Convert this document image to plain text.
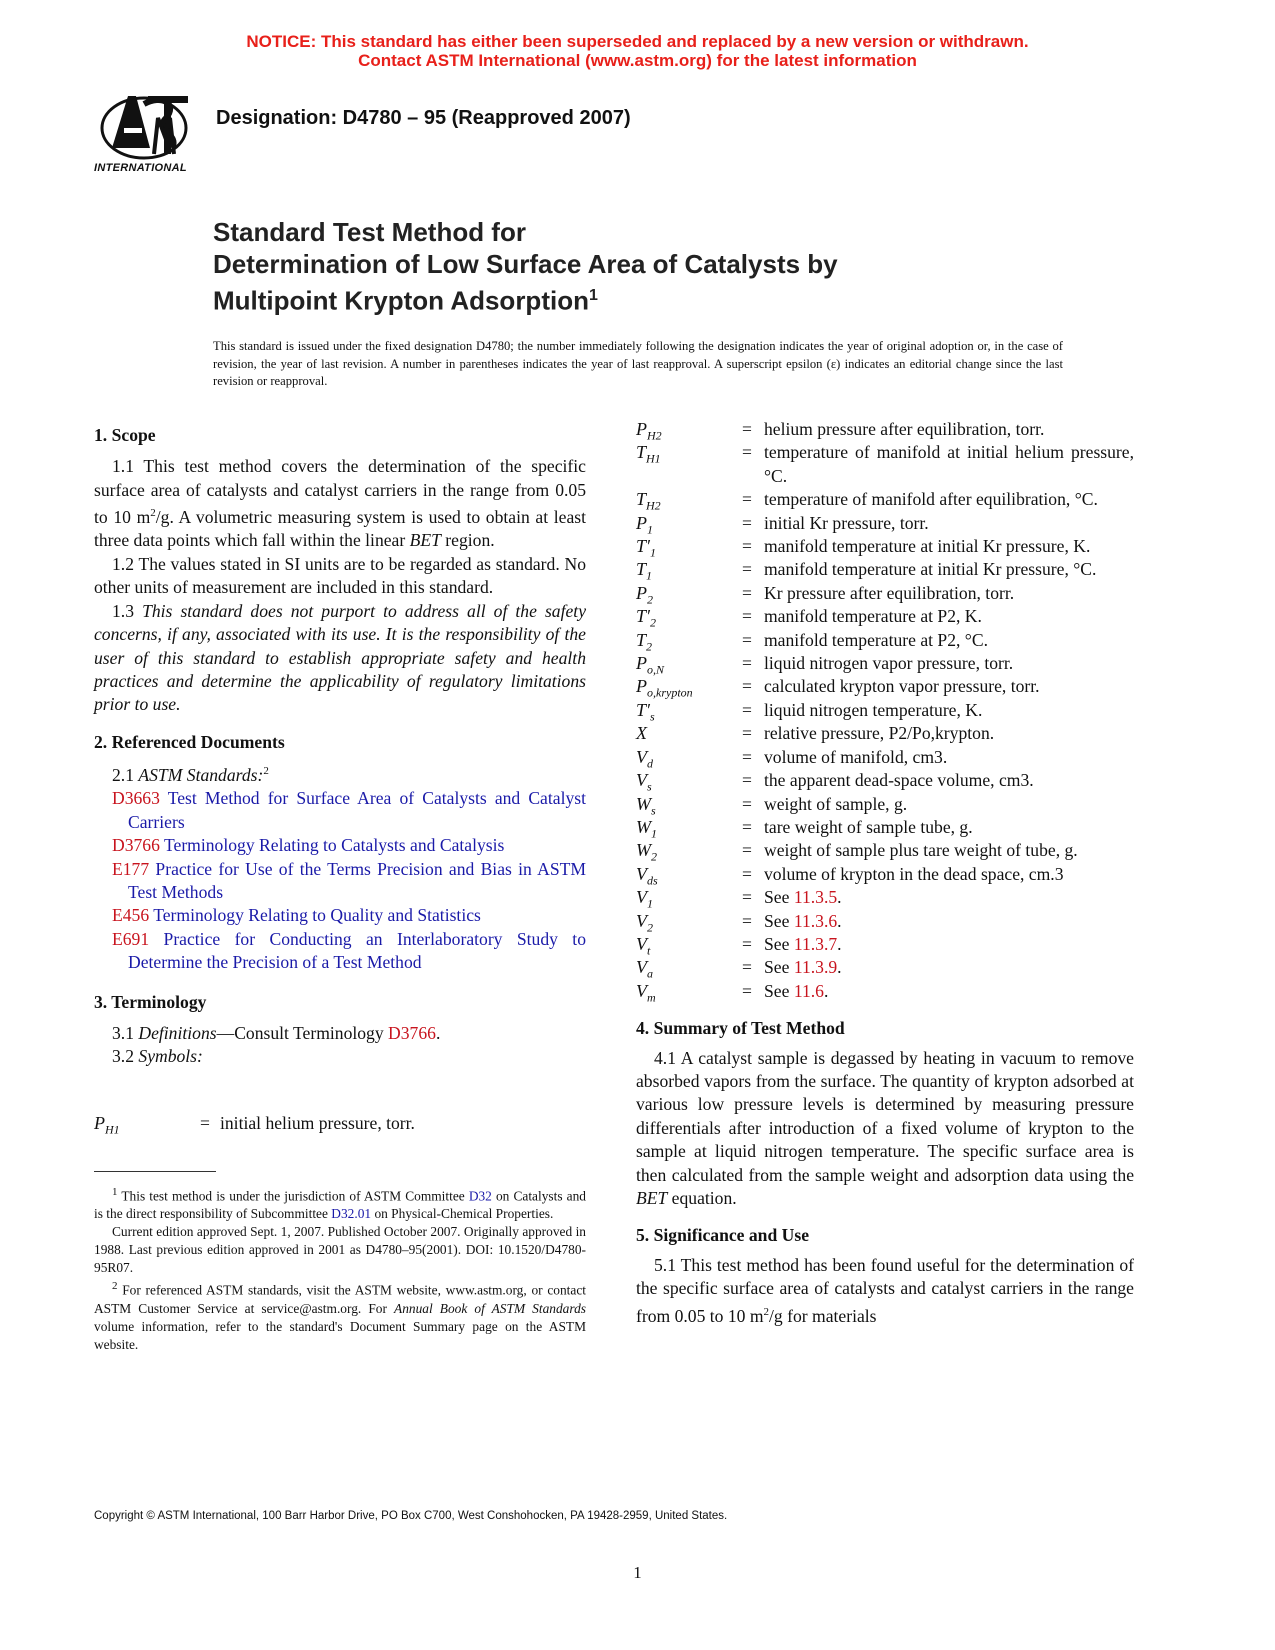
NOTICE: This standard has either been superseded and replaced by a new version or withdrawn.
Contact ASTM International (www.astm.org) for the latest information
INTERNATIONAL
Designation: D4780 – 95 (Reapproved 2007)
Standard Test Method for
Determination of Low Surface Area of Catalysts by
Multipoint Krypton Adsorption$^1$
This standard is issued under the fixed designation D4780; the number immediately following the designation indicates the year of original adoption or, in the case of revision, the year of last revision. A number in parentheses indicates the year of last reapproval. A superscript epsilon (ε) indicates an editorial change since the last revision or reapproval.

1. Scope

1.1 This test method covers the determination of the specific surface area of catalysts and catalyst carriers in the range from 0.05 to 10 $m^2/g$. A volumetric measuring system is used to obtain at least three data points which fall within the linear BET region.

1.2 The values stated in SI units are to be regarded as standard. No other units of measurement are included in this standard.

1.3 This standard does not purport to address all of the safety concerns, if any, associated with its use. It is the responsibility of the user of this standard to establish appropriate safety and health practices and determine the applicability of regulatory limitations prior to use.

2. Referenced Documents

2.1 ASTM Standards:$^2$

D3663 Test Method for Surface Area of Catalysts and Catalyst Carriers

D3766 Terminology Relating to Catalysts and Catalysis

E177 Practice for Use of the Terms Precision and Bias in ASTM Test Methods

E456 Terminology Relating to Quality and Statistics

E691 Practice for Conducting an Interlaboratory Study to Determine the Precision of a Test Method

3. Terminology

3.1 Definitions—Consult Terminology D3766.

3.2 Symbols:

$P_{H1}$	= initial helium pressure, torr.

$^1$ This test method is under the jurisdiction of ASTM Committee D32 on Catalysts and is the direct responsibility of Subcommittee D32.01 on Physical-Chemical Properties.

Current edition approved Sept. 1, 2007. Published October 2007. Originally approved in 1988. Last previous edition approved in 2001 as D4780–95(2001). DOI: 10.1520/D4780-95R07.

$^2$ For referenced ASTM standards, visit the ASTM website, www.astm.org, or contact ASTM Customer Service at service@astm.org. For Annual Book of ASTM Standards volume information, refer to the standard's Document Summary page on the ASTM website.

$P_{H2}$	= helium pressure after equilibration, torr.
$T_{H1}$	= temperature of manifold at initial helium pressure, °C.
$T_{H2}$	= temperature of manifold after equilibration, °C.
$P_1$	= initial Kr pressure, torr.
$T'_1$	= manifold temperature at initial Kr pressure, K.
$T_1$	= manifold temperature at initial Kr pressure, °C.
$P_2$	= Kr pressure after equilibration, torr.
$T'_2$	= manifold temperature at P2, K.
$T_2$	= manifold temperature at P2, °C.
$P_{o,N}$	= liquid nitrogen vapor pressure, torr.
$P_{o,krypton}$	= calculated krypton vapor pressure, torr.
$T'_s$	= liquid nitrogen temperature, K.
X	= relative pressure, P2/Po,krypton.
$V_d$	= volume of manifold, cm3.
$V_s$	= the apparent dead-space volume, cm3.
$W_s$	= weight of sample, g.
$W_1$	= tare weight of sample tube, g.
$W_2$	= weight of sample plus tare weight of tube, g.
$V_{ds}$	= volume of krypton in the dead space, cm.3
$V_1$	= See 11.3.5.
$V_2$	= See 11.3.6.
$V_t$	= See 11.3.7.
$V_a$	= See 11.3.9.
$V_m$	= See 11.6.

4. Summary of Test Method

4.1 A catalyst sample is degassed by heating in vacuum to remove absorbed vapors from the surface. The quantity of krypton adsorbed at various low pressure levels is determined by measuring pressure differentials after introduction of a fixed volume of krypton to the sample at liquid nitrogen temperature. The specific surface area is then calculated from the sample weight and adsorption data using the BET equation.

5. Significance and Use

5.1 This test method has been found useful for the determination of the specific surface area of catalysts and catalyst carriers in the range from 0.05 to 10 $m^2/g$ for materials

Copyright © ASTM International, 100 Barr Harbor Drive, PO Box C700, West Conshohocken, PA 19428-2959, United States.
1
